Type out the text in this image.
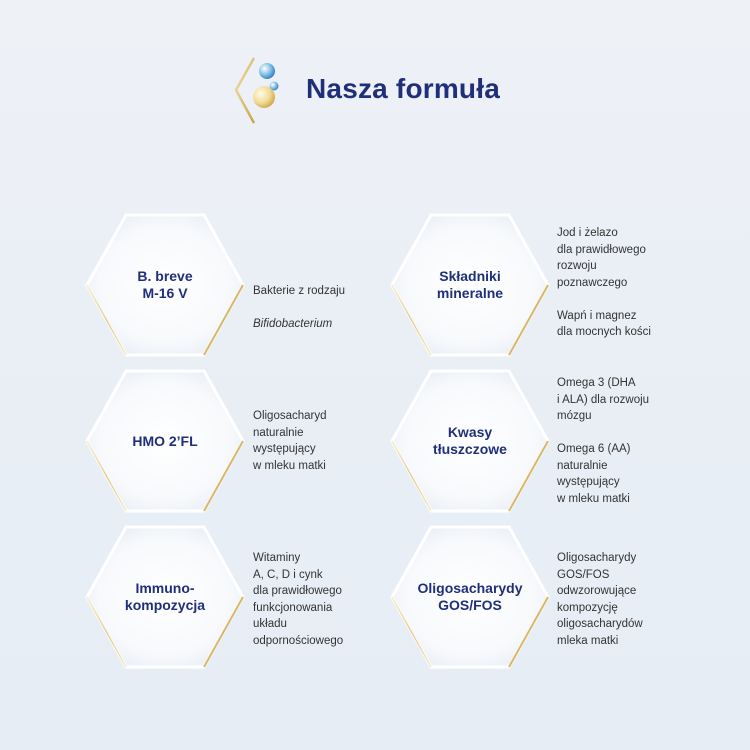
Nasza formuła
B. breve
M-16 V	Bakterie z rodzaju

Bifidobacterium

Składniki
mineralne
Jod i żelazo
dla prawidłowego
rozwoju
poznawczego

Wapń i magnez
dla mocnych kości
HMO 2’FL
Oligosacharyd
naturalnie
występujący
w mleku matki
Kwasy
tłuszczowe
Omega 3 (DHA
i ALA) dla rozwoju
mózgu

Omega 6 (AA)
naturalnie
występujący
w mleku matki
Immuno-
kompozycja
Witaminy
A, C, D i cynk
dla prawidłowego
funkcjonowania
układu
odpornościowego
Oligosacharydy
GOS/FOS
Oligosacharydy
GOS/FOS
odwzorowujące
kompozycję
oligosacharydów
mleka matki
